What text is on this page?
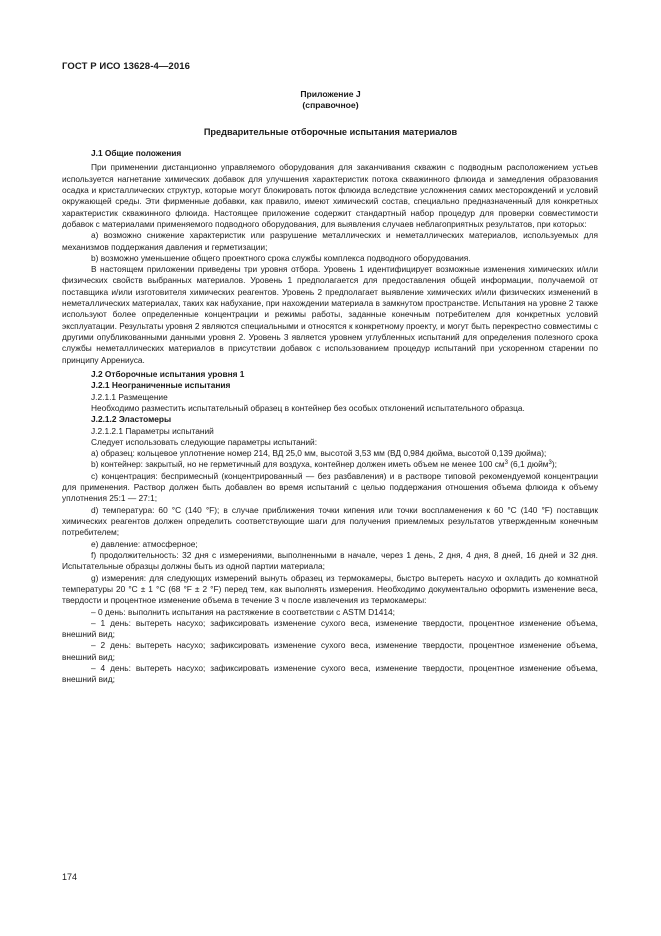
ГОСТ Р ИСО 13628-4—2016
Приложение J
(справочное)
Предварительные отборочные испытания материалов

J.1 Общие положения

При применении дистанционно управляемого оборудования для заканчивания скважин с подводным расположением устьев используется нагнетание химических добавок для улучшения характеристик потока скважинного флюида и замедления образования осадка и кристаллических структур, которые могут блокировать поток флюида вследствие усложнения самих месторождений и условий окружающей среды. Эти фирменные добавки, как правило, имеют химический состав, специально предназначенный для конкретных характеристик скважинного флюида. Настоящее приложение содержит стандартный набор процедур для проверки совместимости добавок с материалами применяемого подводного оборудования, для выявления случаев неблагоприятных результатов, при которых:

а) возможно снижение характеристик или разрушение металлических и неметаллических материалов, используемых для механизмов поддержания давления и герметизации;

b) возможно уменьшение общего проектного срока службы комплекса подводного оборудования.

В настоящем приложении приведены три уровня отбора. Уровень 1 идентифицирует возможные изменения химических и/или физических свойств выбранных материалов. Уровень 1 предполагается для предоставления общей информации, получаемой от поставщика и/или изготовителя химических реагентов. Уровень 2 предполагает выявление химических и/или физических изменений в неметаллических материалах, таких как набухание, при нахождении материала в замкнутом пространстве. Испытания на уровне 2 также используют более определенные концентрации и режимы работы, заданные конечным потребителем для конкретных условий эксплуатации. Результаты уровня 2 являются специальными и относятся к конкретному проекту, и могут быть перекрестно совместимы с другими опубликованными данными уровня 2. Уровень 3 является уровнем углубленных испытаний для определения полезного срока службы неметаллических материалов в присутствии добавок с использованием процедур испытаний при ускоренном старении по принципу Аррениуса.

J.2 Отборочные испытания уровня 1

J.2.1 Неограниченные испытания

J.2.1.1 Размещение

Необходимо разместить испытательный образец в контейнер без особых отклонений испытательного образца.

J.2.1.2 Эластомеры

J.2.1.2.1 Параметры испытаний

Следует использовать следующие параметры испытаний:

а) образец: кольцевое уплотнение номер 214, ВД 25,0 мм, высотой 3,53 мм (ВД 0,984 дюйма, высотой 0,139 дюйма);

b) контейнер: закрытый, но не герметичный для воздуха, контейнер должен иметь объем не менее 100 $см^3$ (6,1 дюйм$^3$);

с) концентрация: беспримесный (концентрированный — без разбавления) и в растворе типовой рекомендуемой концентрации для применения. Раствор должен быть добавлен во время испытаний с целью поддержания отношения объема флюида к объему уплотнения 25:1 — 27:1;

d) температура: 60 °С (140 °F); в случае приближения точки кипения или точки воспламенения к 60 °С (140 °F) поставщик химических реагентов должен определить соответствующие шаги для получения приемлемых результатов утвержденным конечным потребителем;

е) давление: атмосферное;

f) продолжительность: 32 дня с измерениями, выполненными в начале, через 1 день, 2 дня, 4 дня, 8 дней, 16 дней и 32 дня. Испытательные образцы должны быть из одной партии материала;

g) измерения: для следующих измерений вынуть образец из термокамеры, быстро вытереть насухо и охладить до комнатной температуры 20 °С ± 1 °С (68 °F ± 2 °F) перед тем, как выполнять измерения. Необходимо документально оформить изменение веса, твердости и процентное изменение объема в течение 3 ч после извлечения из термокамеры:

– 0 день: выполнить испытания на растяжение в соответствии с ASTM D1414;

– 1 день: вытереть насухо; зафиксировать изменение сухого веса, изменение твердости, процентное изменение объема, внешний вид;

– 2 день: вытереть насухо; зафиксировать изменение сухого веса, изменение твердости, процентное изменение объема, внешний вид;

– 4 день: вытереть насухо; зафиксировать изменение сухого веса, изменение твердости, процентное изменение объема, внешний вид;

174
